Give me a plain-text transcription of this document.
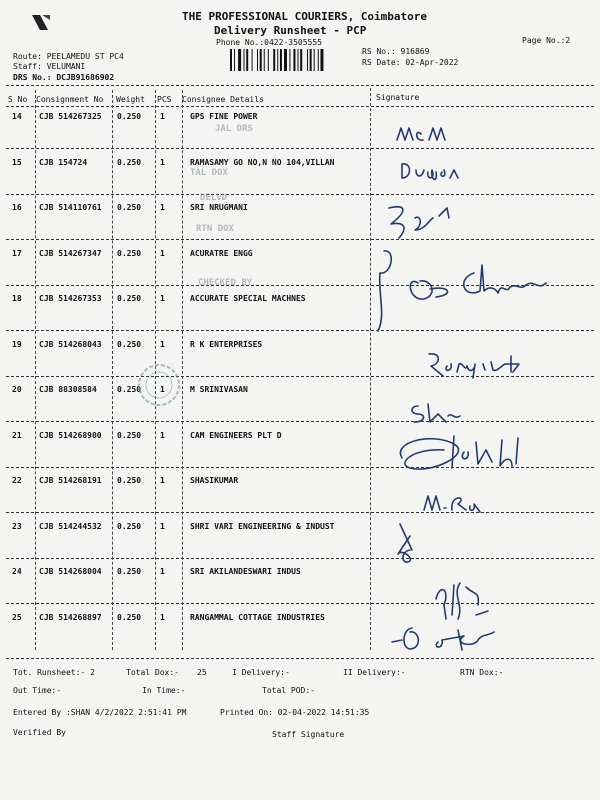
THE PROFESSIONAL COURIERS, Coimbatore
Delivery Runsheet - PCP
Phone No.:0422-3505555	Page No.:2
Route: PEELAMEDU ST PC4
Staff: VELUMANI
DRS No.: DCJB91686902
RS No.: 916869
RS Date: 02-Apr-2022
S No Consignment No Weight PCS Consignee Details	Signature
14 CJB 514267325 0.250 1	GPS FINE POWER
15 CJB 154724	0.250 1	RAMASAMY GO NO,N NO 104,VILLAN
16 CJB 514110761 0.250 1	SRI NRUGMANI
17 CJB 514267347 0.250 1	ACURATRE ENGG
18 CJB 514267353 0.250 1	ACCURATE SPECIAL MACHNES
19 CJB 514268043 0.250 1	R K ENTERPRISES
20 CJB 88308584	0.250 1	M SRINIVASAN
21 CJB 514268900 0.250 1	CAM ENGINEERS PLT D
22 CJB 514268191 0.250 1	SHASIKUMAR
23 CJB 514244532 0.250 1	SHRI VARI ENGINEERING & INDUST
24 CJB 514268004 0.250 1	SRI AKILANDESWARI INDUS
25 CJB 514268897 0.250 1	RANGAMMAL COTTAGE INDUSTRIES
JAL DRS
TAL DOX
DELVD
RTN DOX
CHECKED BY
Tot. Runsheet:- 2	Total Dox:- 25	I Delivery:-	II Delivery:-	RTN Dox:-
Out Time:-	In Time:-	Total POD:-
Entered By :SHAN 4/2/2022 2:51:41 PM	Printed On: 02-04-2022 14:51:35
Verified By	Staff Signature
